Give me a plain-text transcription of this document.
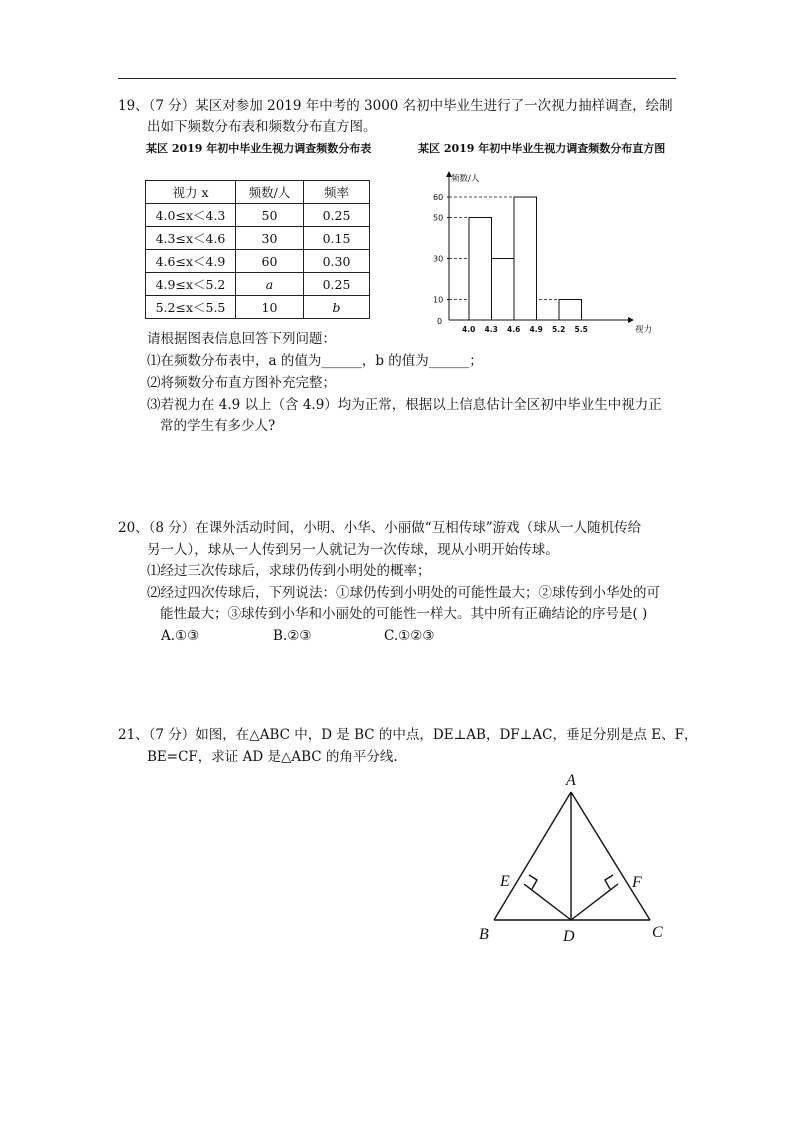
19、（7 分）某区对参加 2019 年中考的 3000 名初中毕业生进行了一次视力抽样调查，绘制
出如下频数分布表和频数分布直方图。
某区 2019 年初中毕业生视力调查频数分布表	某区 2019 年初中毕业生视力调查频数分布直方图
视力 x	频数/人	频率
4.0≤x＜4.3	50	0.25
4.3≤x＜4.6	30	0.15
4.6≤x＜4.9	60	0.30
4.9≤x＜5.2	a	0.25
5.2≤x＜5.5	10	b
频数/人
视力
0
10
30
50
60
4.0 4.3 4.6 4.9 5.2 5.5
请根据图表信息回答下列问题：
⑴在频数分布表中，a 的值为______，b 的值为______；
⑵将频数分布直方图补充完整；
⑶若视力在 4.9 以上（含 4.9）均为正常，根据以上信息估计全区初中毕业生中视力正
常的学生有多少人?
20、（8 分）在课外活动时间，小明、小华、小丽做“互相传球”游戏（球从一人随机传给
另一人），球从一人传到另一人就记为一次传球，现从小明开始传球。
⑴经过三次传球后，求球仍传到小明处的概率；
⑵经过四次传球后，下列说法：①球仍传到小明处的可能性最大；②球传到小华处的可
能性最大；③球传到小华和小丽处的可能性一样大。其中所有正确结论的序号是( )
A.①③	B.②③	C.①②③
21、（7 分）如图，在△ABC 中，D 是 BC 的中点，DE⊥AB，DF⊥AC，垂足分别是点 E、F，
BE=CF，求证 AD 是△ABC 的角平分线.
A
B	C
D
E	F
